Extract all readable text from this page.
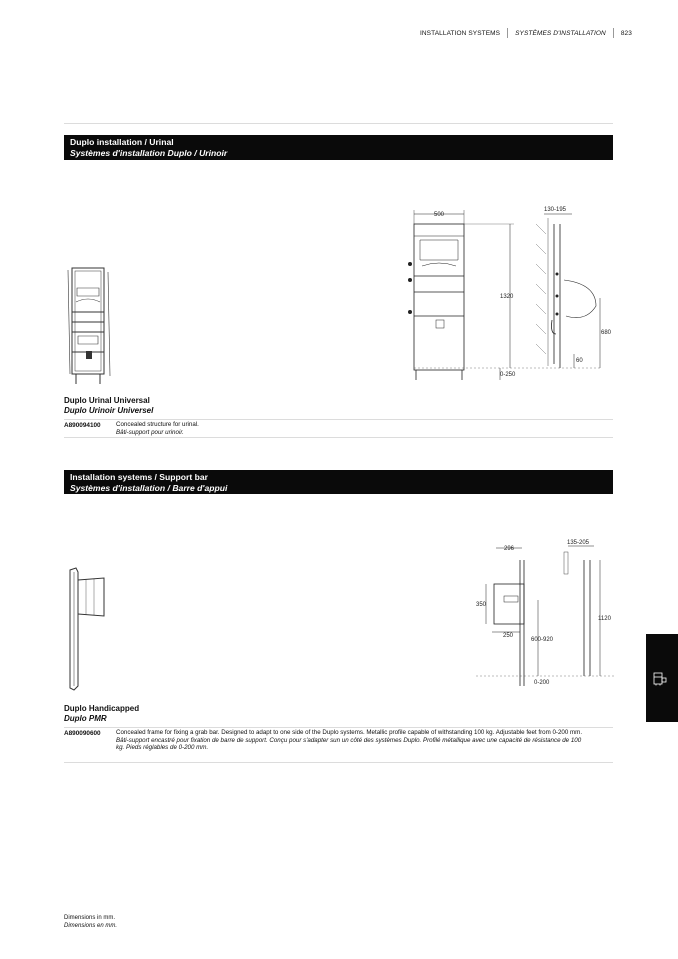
INSTALLATION SYSTEMS SYSTÈMES D'INSTALLATION 823
Duplo installation / Urinal
Systèmes d'installation Duplo / Urinoir
500
130-195
1320
680
60
0-250
Duplo Urinal Universal
Duplo Urinoir Universel
A890094100 Concealed structure for urinal.
Bâti-support pour urinoir.
Installation systems / Support bar
Systèmes d'installation / Barre d'appui
296
135-205
350
250
600-920
1120
0-200
Duplo Handicapped
Duplo PMR
A890090600 Concealed frame for fixing a grab bar. Designed to adapt to one side of the Duplo systems. Metallic profile capable of withstanding 100 kg. Adjustable feet from 0-200 mm.
Bâti-support encastré pour fixation de barre de support. Conçu pour s'adapter sun un côté des systèmes Duplo. Profilé métallique avec une capacité de résistance de 100 kg. Pieds réglables de 0-200 mm.
Dimensions in mm.
Dimensions en mm.
